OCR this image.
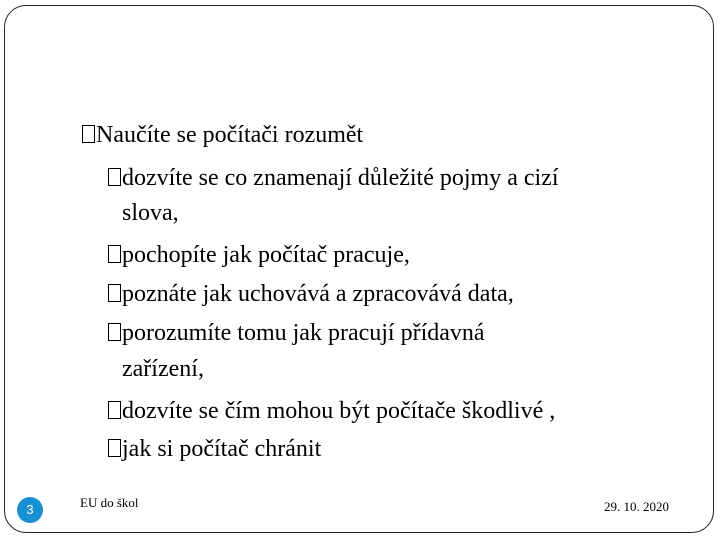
Naučíte se počítači rozumět
dozvíte se co znamenají důležité pojmy a cizí
slova,
pochopíte jak počítač pracuje,
poznáte jak uchovává a zpracovává data,
porozumíte tomu jak pracují přídavná
zařízení,
dozvíte se čím mohou být počítače škodlivé ,
jak si počítač chránit
3	EU do škol	29. 10. 2020
